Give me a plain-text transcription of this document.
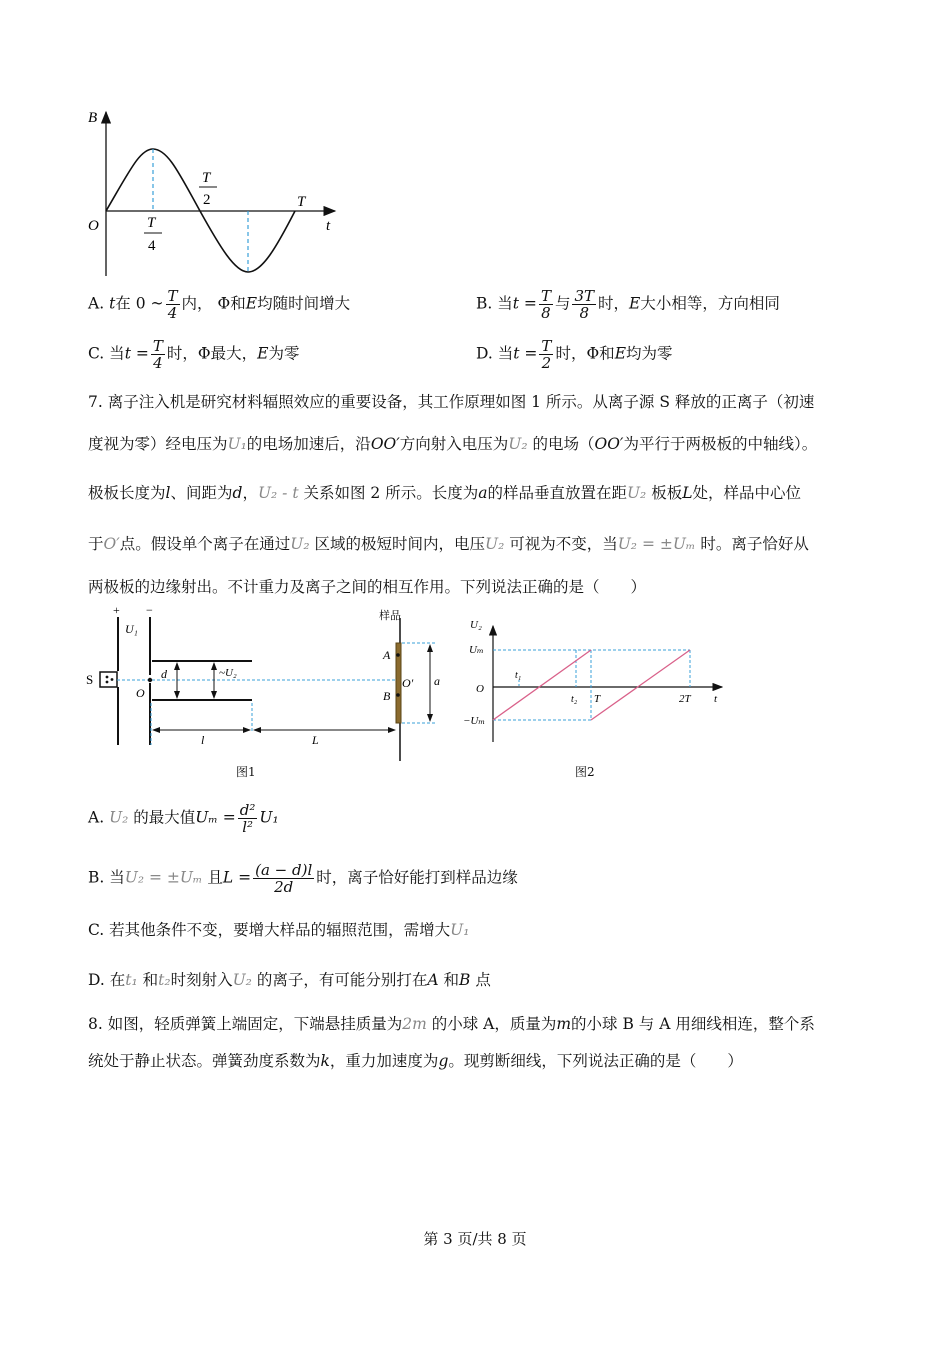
B
O	t
T
4
T
2	T
A. t在 0 ~ $\frac{T}{4}$ 内， Φ和E均随时间增大	B. 当$t = \frac{T}{8}$ 与 $\frac{3T}{8}$ 时，E大小相等，方向相同
C. 当$t = \frac{T}{4}$ 时，Φ最大，E为零	D. 当$t = \frac{T}{2}$ 时，Φ和E均为零
7. 离子注入机是研究材料辐照效应的重要设备，其工作原理如图 1 所示。从离子源 S 释放的正离子（初速
度视为零）经电压为U₁的电场加速后，沿OO′方向射入电压为U₂ 的电场（OO′为平行于两极板的中轴线）。
极板长度为l、间距为d，U₂ - t 关系如图 2 所示。长度为a的样品垂直放置在距U₂ 板板L处，样品中心位
于O′点。假设单个离子在通过U₂ 区域的极短时间内，电压U₂ 可视为不变，当U₂ = ±Uₘ 时。离子恰好从
两极板的边缘射出。不计重力及离子之间的相互作用。下列说法正确的是（　　）
+ −
U₁
S
O
d	~U₂
l	L
样品
A
B
O′ a
图1
U₂
Uₘ
O
−Uₘ
t₁
t₂ T	2T t
图2
A. U₂ 的最大值$U_m = \frac{\text{d²}}{\text{l²}} U_1$
B. 当U₂ = ±Uₘ 且$L = \frac{(a - d)l}{2d}$ 时，离子恰好能打到样品边缘
C. 若其他条件不变，要增大样品的辐照范围，需增大U₁
D. 在t₁ 和t₂时刻射入U₂ 的离子，有可能分别打在A 和B 点
8. 如图，轻质弹簧上端固定，下端悬挂质量为2m 的小球 A，质量为m的小球 B 与 A 用细线相连，整个系
统处于静止状态。弹簧劲度系数为k，重力加速度为g。现剪断细线，下列说法正确的是（　　）
第 3 页/共 8 页
